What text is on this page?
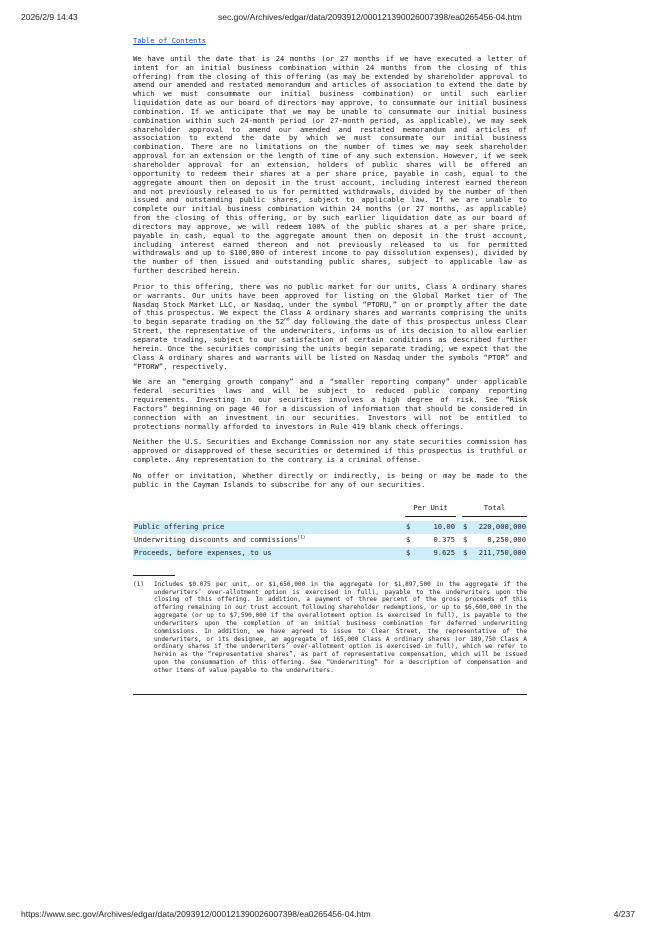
2026/2/9 14:43	sec.gov/Archives/edgar/data/2093912/000121390026007398/ea0265456-04.htm
Table of Contents

We have until the date that is 24 months (or 27 months if we have executed a letter of intent for an initial business combination within 24 months from the closing of this offering) from the closing of this offering (as may be extended by shareholder approval to amend our amended and restated memorandum and articles of association to extend the date by which we must consummate our initial business combination) or until such earlier liquidation date as our board of directors may approve, to consummate our initial business combination. If we anticipate that we may be unable to consummate our initial business combination within such 24-month period (or 27-month period, as applicable), we may seek shareholder approval to amend our amended and restated memorandum and articles of association to extend the date by which we must consummate our initial business combination. There are no limitations on the number of times we may seek shareholder approval for an extension or the length of time of any such extension. However, if we seek shareholder approval for an extension, holders of public shares will be offered an opportunity to redeem their shares at a per share price, payable in cash, equal to the aggregate amount then on deposit in the trust account, including interest earned thereon and not previously released to us for permitted withdrawals, divided by the number of then issued and outstanding public shares, subject to applicable law. If we are unable to complete our initial business combination within 24 months (or 27 months, as applicable) from the closing of this offering, or by such earlier liquidation date as our board of directors may approve, we will redeem 100% of the public shares at a per share price, payable in cash, equal to the aggregate amount then on deposit in the trust account, including interest earned thereon and not previously released to us for permitted withdrawals and up to $100,000 of interest income to pay dissolution expenses), divided by the number of then issued and outstanding public shares, subject to applicable law as further described herein.

Prior to this offering, there was no public market for our units, Class A ordinary shares or warrants. Our units have been approved for listing on the Global Market tier of The Nasdaq Stock Market LLC, or Nasdaq, under the symbol “PTORU,” on or promptly after the date of this prospectus. We expect the Class A ordinary shares and warrants comprising the units to begin separate trading on the 52nd day following the date of this prospectus unless Clear Street, the representative of the underwriters, informs us of its decision to allow earlier separate trading, subject to our satisfaction of certain conditions as described further herein. Once the securities comprising the units begin separate trading, we expect that the Class A ordinary shares and warrants will be listed on Nasdaq under the symbols “PTOR” and “PTORW”, respectively.

We are an “emerging growth company” and a “smaller reporting company” under applicable federal securities laws and will be subject to reduced public company reporting requirements. Investing in our securities involves a high degree of risk. See “Risk Factors” beginning on page 46 for a discussion of information that should be considered in connection with an investment in our securities. Investors will not be entitled to protections normally afforded to investors in Rule 419 blank check offerings.

Neither the U.S. Securities and Exchange Commission nor any state securities commission has approved or disapproved of these securities or determined if this prospectus is truthful or complete. Any representation to the contrary is a criminal offense.

No offer or invitation, whether directly or indirectly, is being or may be made to the public in the Cayman Islands to subscribe for any of our securities.

	Per Unit			Total	

Public offering price	$	10.00		$	220,000,000
Underwriting discounts and commissions$^{(1)}$	$	0.375		$	8,250,000
Proceeds, before expenses, to us	$	9.625		$	211,750,000
(1)	Includes $0.075 per unit, or $1,650,000 in the aggregate (or $1,897,500 in the aggregate if the underwriters’ over-allotment option is exercised in full), payable to the underwriters upon the closing of this offering. In addition, a payment of three percent of the gross proceeds of this offering remaining in our trust account following shareholder redemptions, or up to $6,600,000 in the aggregate (or up to $7,590,000 if the overallotment option is exercised in full), is payable to the underwriters upon the completion of an initial business combination for deferred underwriting commissions. In addition, we have agreed to issue to Clear Street, the representative of the underwriters, or its designee, an aggregate of 165,000 Class A ordinary shares (or 189,750 Class A ordinary shares if the underwriters’ over-allotment option is exercised in full), which we refer to herein as the “representative shares”, as part of representative compensation, which will be issued upon the consummation of this offering. See “Underwriting” for a description of compensation and other items of value payable to the underwriters.
https://www.sec.gov/Archives/edgar/data/2093912/000121390026007398/ea0265456-04.htm	4/237
